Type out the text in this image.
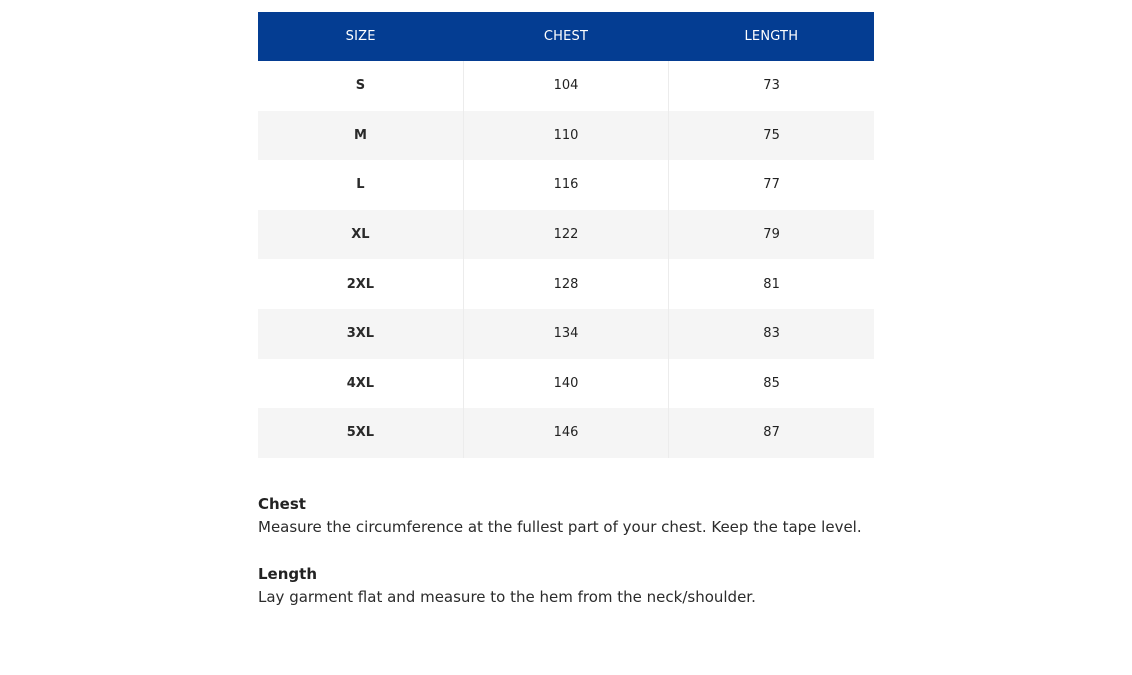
SIZE	CHEST	LENGTH
S	104	73
M	110	75
L	116	77
XL	122	79
2XL	128	81
3XL	134	83
4XL	140	85
5XL	146	87
Chest
Measure the circumference at the fullest part of your chest. Keep the tape level.
Length
Lay garment flat and measure to the hem from the neck/shoulder.
